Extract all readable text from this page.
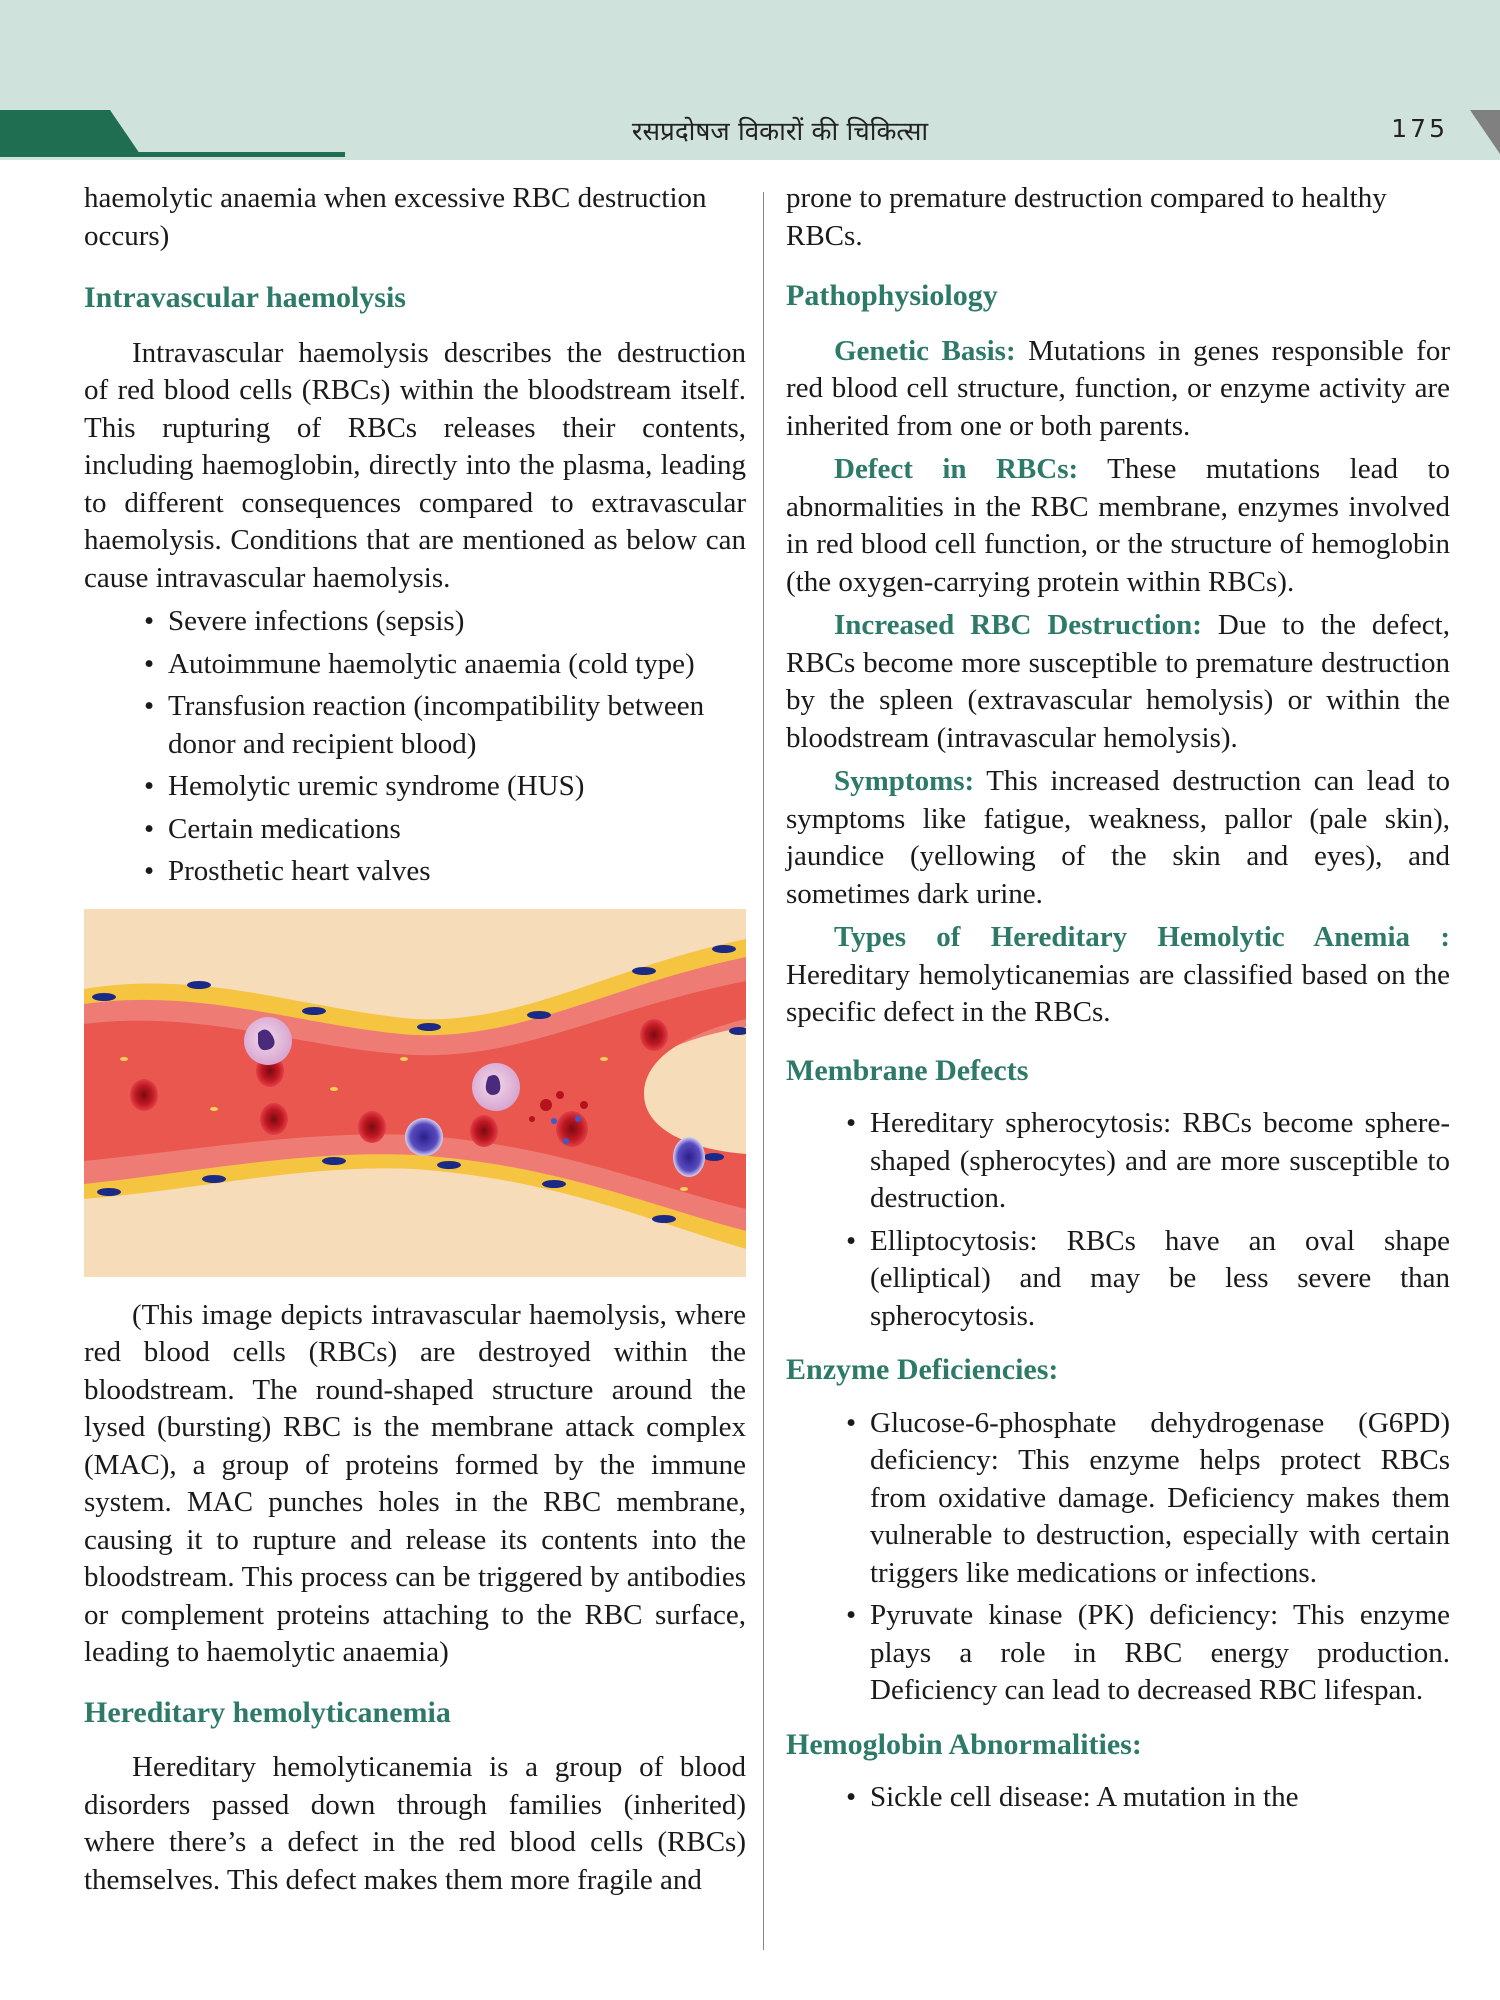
रसप्रदोषज विकारों की चिकित्सा	175

haemolytic anaemia when excessive RBC destruction occurs)

Intravascular haemolysis

Intravascular haemolysis describes the destruction of red blood cells (RBCs) within the bloodstream itself. This rupturing of RBCs releases their contents, including haemoglobin, directly into the plasma, leading to different consequences compared to extravascular haemolysis. Conditions that are mentioned as below can cause intravascular haemolysis.

• Severe infections (sepsis)
• Autoimmune haemolytic anaemia (cold type)
• Transfusion reaction (incompatibility between donor and recipient blood)
• Hemolytic uremic syndrome (HUS)
• Certain medications
• Prosthetic heart valves

(This image depicts intravascular haemolysis, where red blood cells (RBCs) are destroyed within the bloodstream. The round-shaped structure around the lysed (bursting) RBC is the membrane attack complex (MAC), a group of proteins formed by the immune system. MAC punches holes in the RBC membrane, causing it to rupture and release its contents into the bloodstream. This process can be triggered by antibodies or complement proteins attaching to the RBC surface, leading to haemolytic anaemia)

Hereditary hemolyticanemia

Hereditary hemolyticanemia is a group of blood disorders passed down through families (inherited) where there’s a defect in the red blood cells (RBCs) themselves. This defect makes them more fragile and

prone to premature destruction compared to healthy RBCs.

Pathophysiology

Genetic Basis: Mutations in genes responsible for red blood cell structure, function, or enzyme activity are inherited from one or both parents.

Defect in RBCs: These mutations lead to abnormalities in the RBC membrane, enzymes involved in red blood cell function, or the structure of hemoglobin (the oxygen-carrying protein within RBCs).

Increased RBC Destruction: Due to the defect, RBCs become more susceptible to premature destruction by the spleen (extravascular hemolysis) or within the bloodstream (intravascular hemolysis).

Symptoms: This increased destruction can lead to symptoms like fatigue, weakness, pallor (pale skin), jaundice (yellowing of the skin and eyes), and sometimes dark urine.

Types of Hereditary Hemolytic Anemia : Hereditary hemolyticanemias are classified based on the specific defect in the RBCs.

Membrane Defects
• Hereditary spherocytosis: RBCs become sphere-shaped (spherocytes) and are more susceptible to destruction.
• Elliptocytosis: RBCs have an oval shape (elliptical) and may be less severe than spherocytosis.
Enzyme Deficiencies:
• Glucose-6-phosphate dehydrogenase (G6PD) deficiency: This enzyme helps protect RBCs from oxidative damage. Deficiency makes them vulnerable to destruction, especially with certain triggers like medications or infections.
• Pyruvate kinase (PK) deficiency: This enzyme plays a role in RBC energy production. Deficiency can lead to decreased RBC lifespan.
Hemoglobin Abnormalities:
• Sickle cell disease: A mutation in the
